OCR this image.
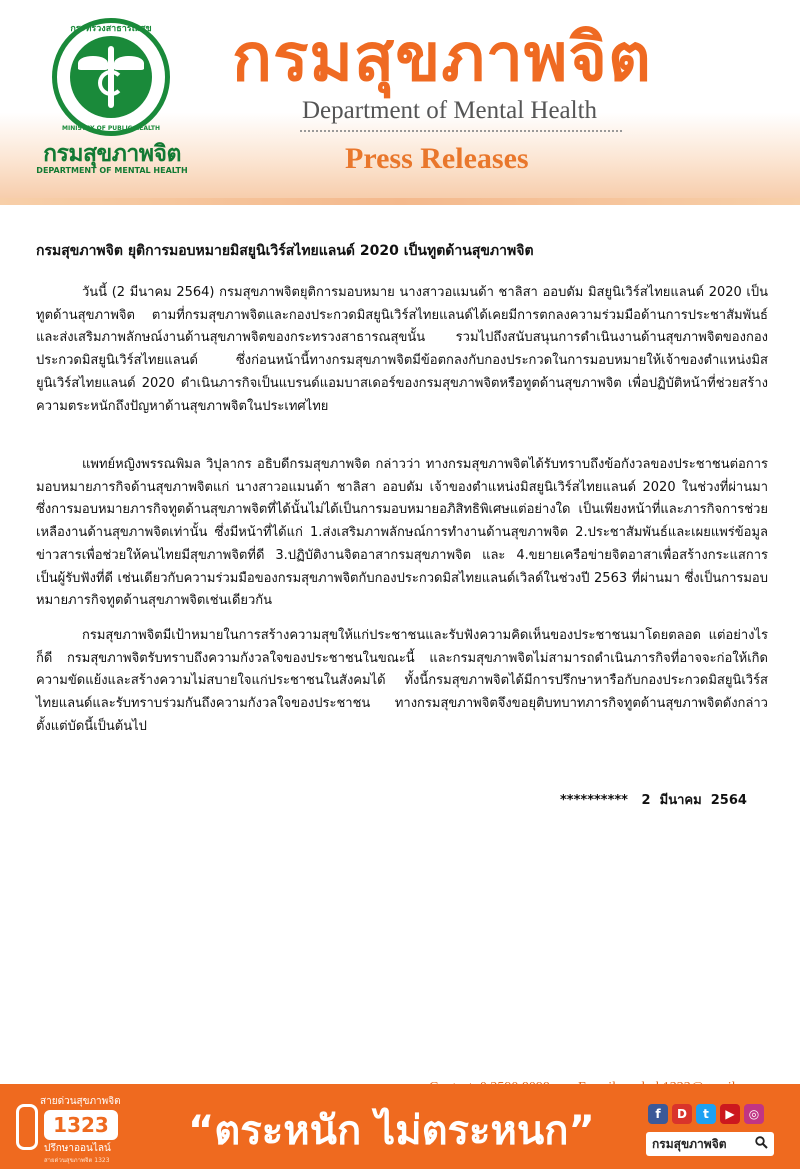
กระทรวงสาธารณสุข
MINISTRY OF PUBLIC HEALTH
กรมสุขภาพจิต
DEPARTMENT OF MENTAL HEALTH
กรมสุขภาพจิต
Department of Mental Health
Press Releases
กรมสุขภาพจิต ยุติการมอบหมายมิสยูนิเวิร์สไทยแลนด์ 2020 เป็นทูตด้านสุขภาพจิต

วันนี้ (2 มีนาคม 2564) กรมสุขภาพจิตยุติการมอบหมาย นางสาวอแมนด้า ชาลิสา ออบดัม มิสยูนิเวิร์สไทยแลนด์ 2020 เป็นทูตด้านสุขภาพจิต ตามที่กรมสุขภาพจิตและกองประกวดมิสยูนิเวิร์สไทยแลนด์ได้เคยมีการตกลงความร่วมมือด้านการประชาสัมพันธ์และส่งเสริมภาพลักษณ์งานด้านสุขภาพจิตของกระทรวงสาธารณสุขนั้น รวมไปถึงสนับสนุนการดำเนินงานด้านสุขภาพจิตของกองประกวดมิสยูนิเวิร์สไทยแลนด์ ซึ่งก่อนหน้านี้ทางกรมสุขภาพจิตมีข้อตกลงกับกองประกวดในการมอบหมายให้เจ้าของตำแหน่งมิสยูนิเวิร์สไทยแลนด์ 2020 ดำเนินภารกิจเป็นแบรนด์แอมบาสเดอร์ของกรมสุขภาพจิตหรือทูตด้านสุขภาพจิต เพื่อปฏิบัติหน้าที่ช่วยสร้างความตระหนักถึงปัญหาด้านสุขภาพจิตในประเทศไทย

แพทย์หญิงพรรณพิมล วิปุลากร อธิบดีกรมสุขภาพจิต กล่าวว่า ทางกรมสุขภาพจิตได้รับทราบถึงข้อกังวลของประชาชนต่อการมอบหมายภารกิจด้านสุขภาพจิตแก่ นางสาวอแมนด้า ชาลิสา ออบดัม เจ้าของตำแหน่งมิสยูนิเวิร์สไทยแลนด์ 2020 ในช่วงที่ผ่านมา ซึ่งการมอบหมายภารกิจทูตด้านสุขภาพจิตที่ได้นั้นไม่ได้เป็นการมอบหมายอภิสิทธิพิเศษแต่อย่างใด เป็นเพียงหน้าที่และภารกิจการช่วยเหลืองานด้านสุขภาพจิตเท่านั้น ซึ่งมีหน้าที่ได้แก่ 1.ส่งเสริมภาพลักษณ์การทำงานด้านสุขภาพจิต 2.ประชาสัมพันธ์และเผยแพร่ข้อมูลข่าวสารเพื่อช่วยให้คนไทยมีสุขภาพจิตที่ดี 3.ปฏิบัติงานจิตอาสากรมสุขภาพจิต และ 4.ขยายเครือข่ายจิตอาสาเพื่อสร้างกระแสการเป็นผู้รับฟังที่ดี เช่นเดียวกับความร่วมมือของกรมสุขภาพจิตกับกองประกวดมิสไทยแลนด์เวิลด์ในช่วงปี 2563 ที่ผ่านมา ซึ่งเป็นการมอบหมายภารกิจทูตด้านสุขภาพจิตเช่นเดียวกัน

กรมสุขภาพจิตมีเป้าหมายในการสร้างความสุขให้แก่ประชาชนและรับฟังความคิดเห็นของประชาชนมาโดยตลอด แต่อย่างไรก็ดี กรมสุขภาพจิตรับทราบถึงความกังวลใจของประชาชนในขณะนี้ และกรมสุขภาพจิตไม่สามารถดำเนินภารกิจที่อาจจะก่อให้เกิดความขัดแย้งและสร้างความไม่สบายใจแก่ประชาชนในสังคมได้ ทั้งนี้กรมสุขภาพจิตได้มีการปรึกษาหารือกับกองประกวดมิสยูนิเวิร์สไทยแลนด์และรับทราบร่วมกันถึงความกังวลใจของประชาชน ทางกรมสุขภาพจิตจึงขอยุติบทบาทภารกิจทูตด้านสุขภาพจิตดังกล่าวตั้งแต่บัดนี้เป็นต้นไป

**********   2  มีนาคม  2564

สายด่วนสุขภาพจิต
1323
ปรึกษาออนไลน์
สายด่วนสุขภาพจิต 1323
“ตระหนัก ไม่ตระหนก”	f	D	t	▶	◎
กรมสุขภาพจิต
